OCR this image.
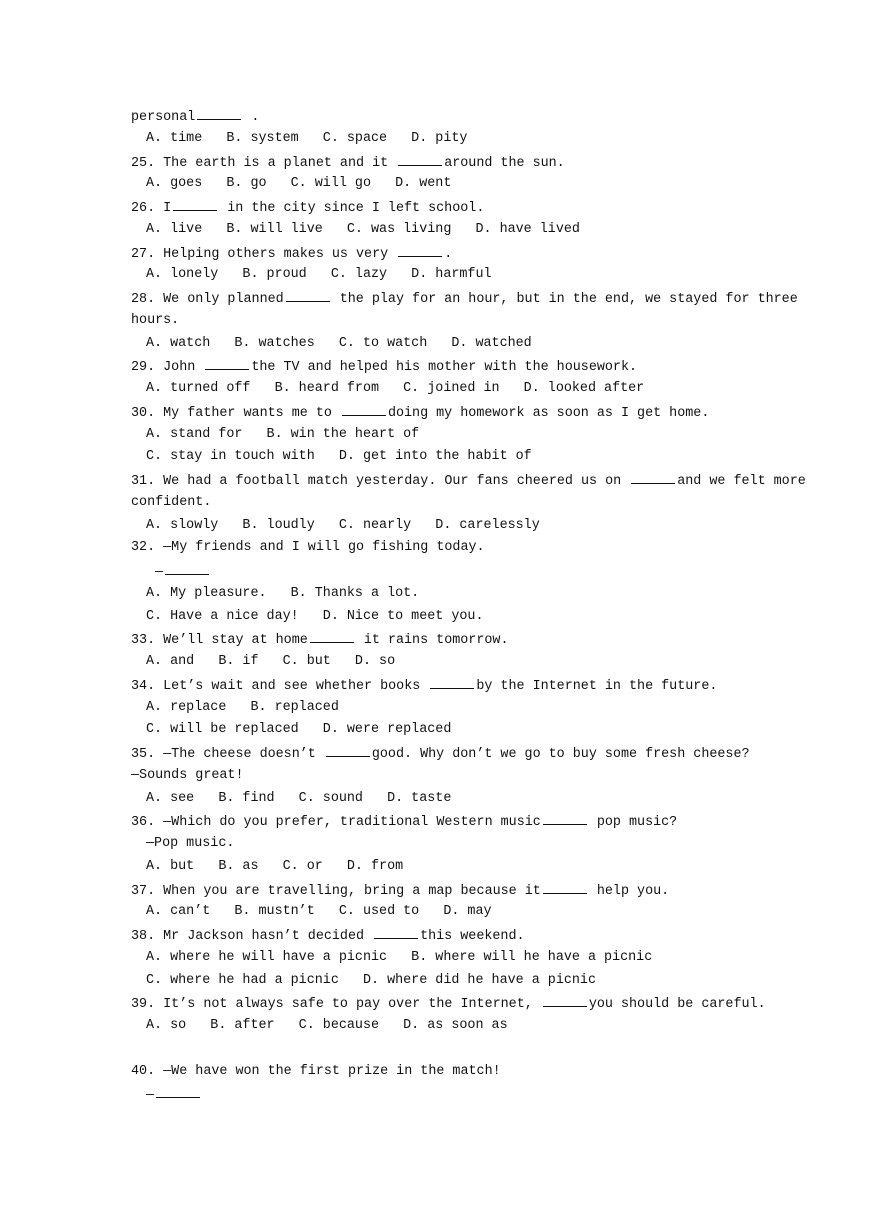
personal	.
A. time   B. system   C. space   D. pity
25. The earth is a planet and it	around the sun.
A. goes   B. go   C. will go   D. went
26. I	in the city since I left school.
A. live   B. will live   C. was living   D. have lived
27. Helping others makes us very	.
A. lonely   B. proud   C. lazy   D. harmful
28. We only planned	the play for an hour, but in the end, we stayed for three
hours.
A. watch   B. watches   C. to watch   D. watched
29. John	the TV and helped his mother with the housework.
A. turned off   B. heard from   C. joined in   D. looked after
30. My father wants me to	doing my homework as soon as I get home.
A. stand for   B. win the heart of
C. stay in touch with   D. get into the habit of
31. We had a football match yesterday. Our fans cheered us on	and we felt more
confident.
A. slowly   B. loudly   C. nearly   D. carelessly
32. —My friends and I will go fishing today.
—
A. My pleasure.   B. Thanks a lot.
C. Have a nice day!   D. Nice to meet you.
33. We’ll stay at home	it rains tomorrow.
A. and   B. if   C. but   D. so
34. Let’s wait and see whether books	by the Internet in the future.
A. replace   B. replaced
C. will be replaced   D. were replaced
35. —The cheese doesn’t	good. Why don’t we go to buy some fresh cheese?
—Sounds great!
A. see   B. find   C. sound   D. taste
36. —Which do you prefer, traditional Western music	pop music?
—Pop music.
A. but   B. as   C. or   D. from
37. When you are travelling, bring a map because it	help you.
A. can’t   B. mustn’t   C. used to   D. may
38. Mr Jackson hasn’t decided	this weekend.
A. where he will have a picnic   B. where will he have a picnic
C. where he had a picnic   D. where did he have a picnic
39. It’s not always safe to pay over the Internet,	you should be careful.
A. so   B. after   C. because   D. as soon as
40. —We have won the first prize in the match!
—
